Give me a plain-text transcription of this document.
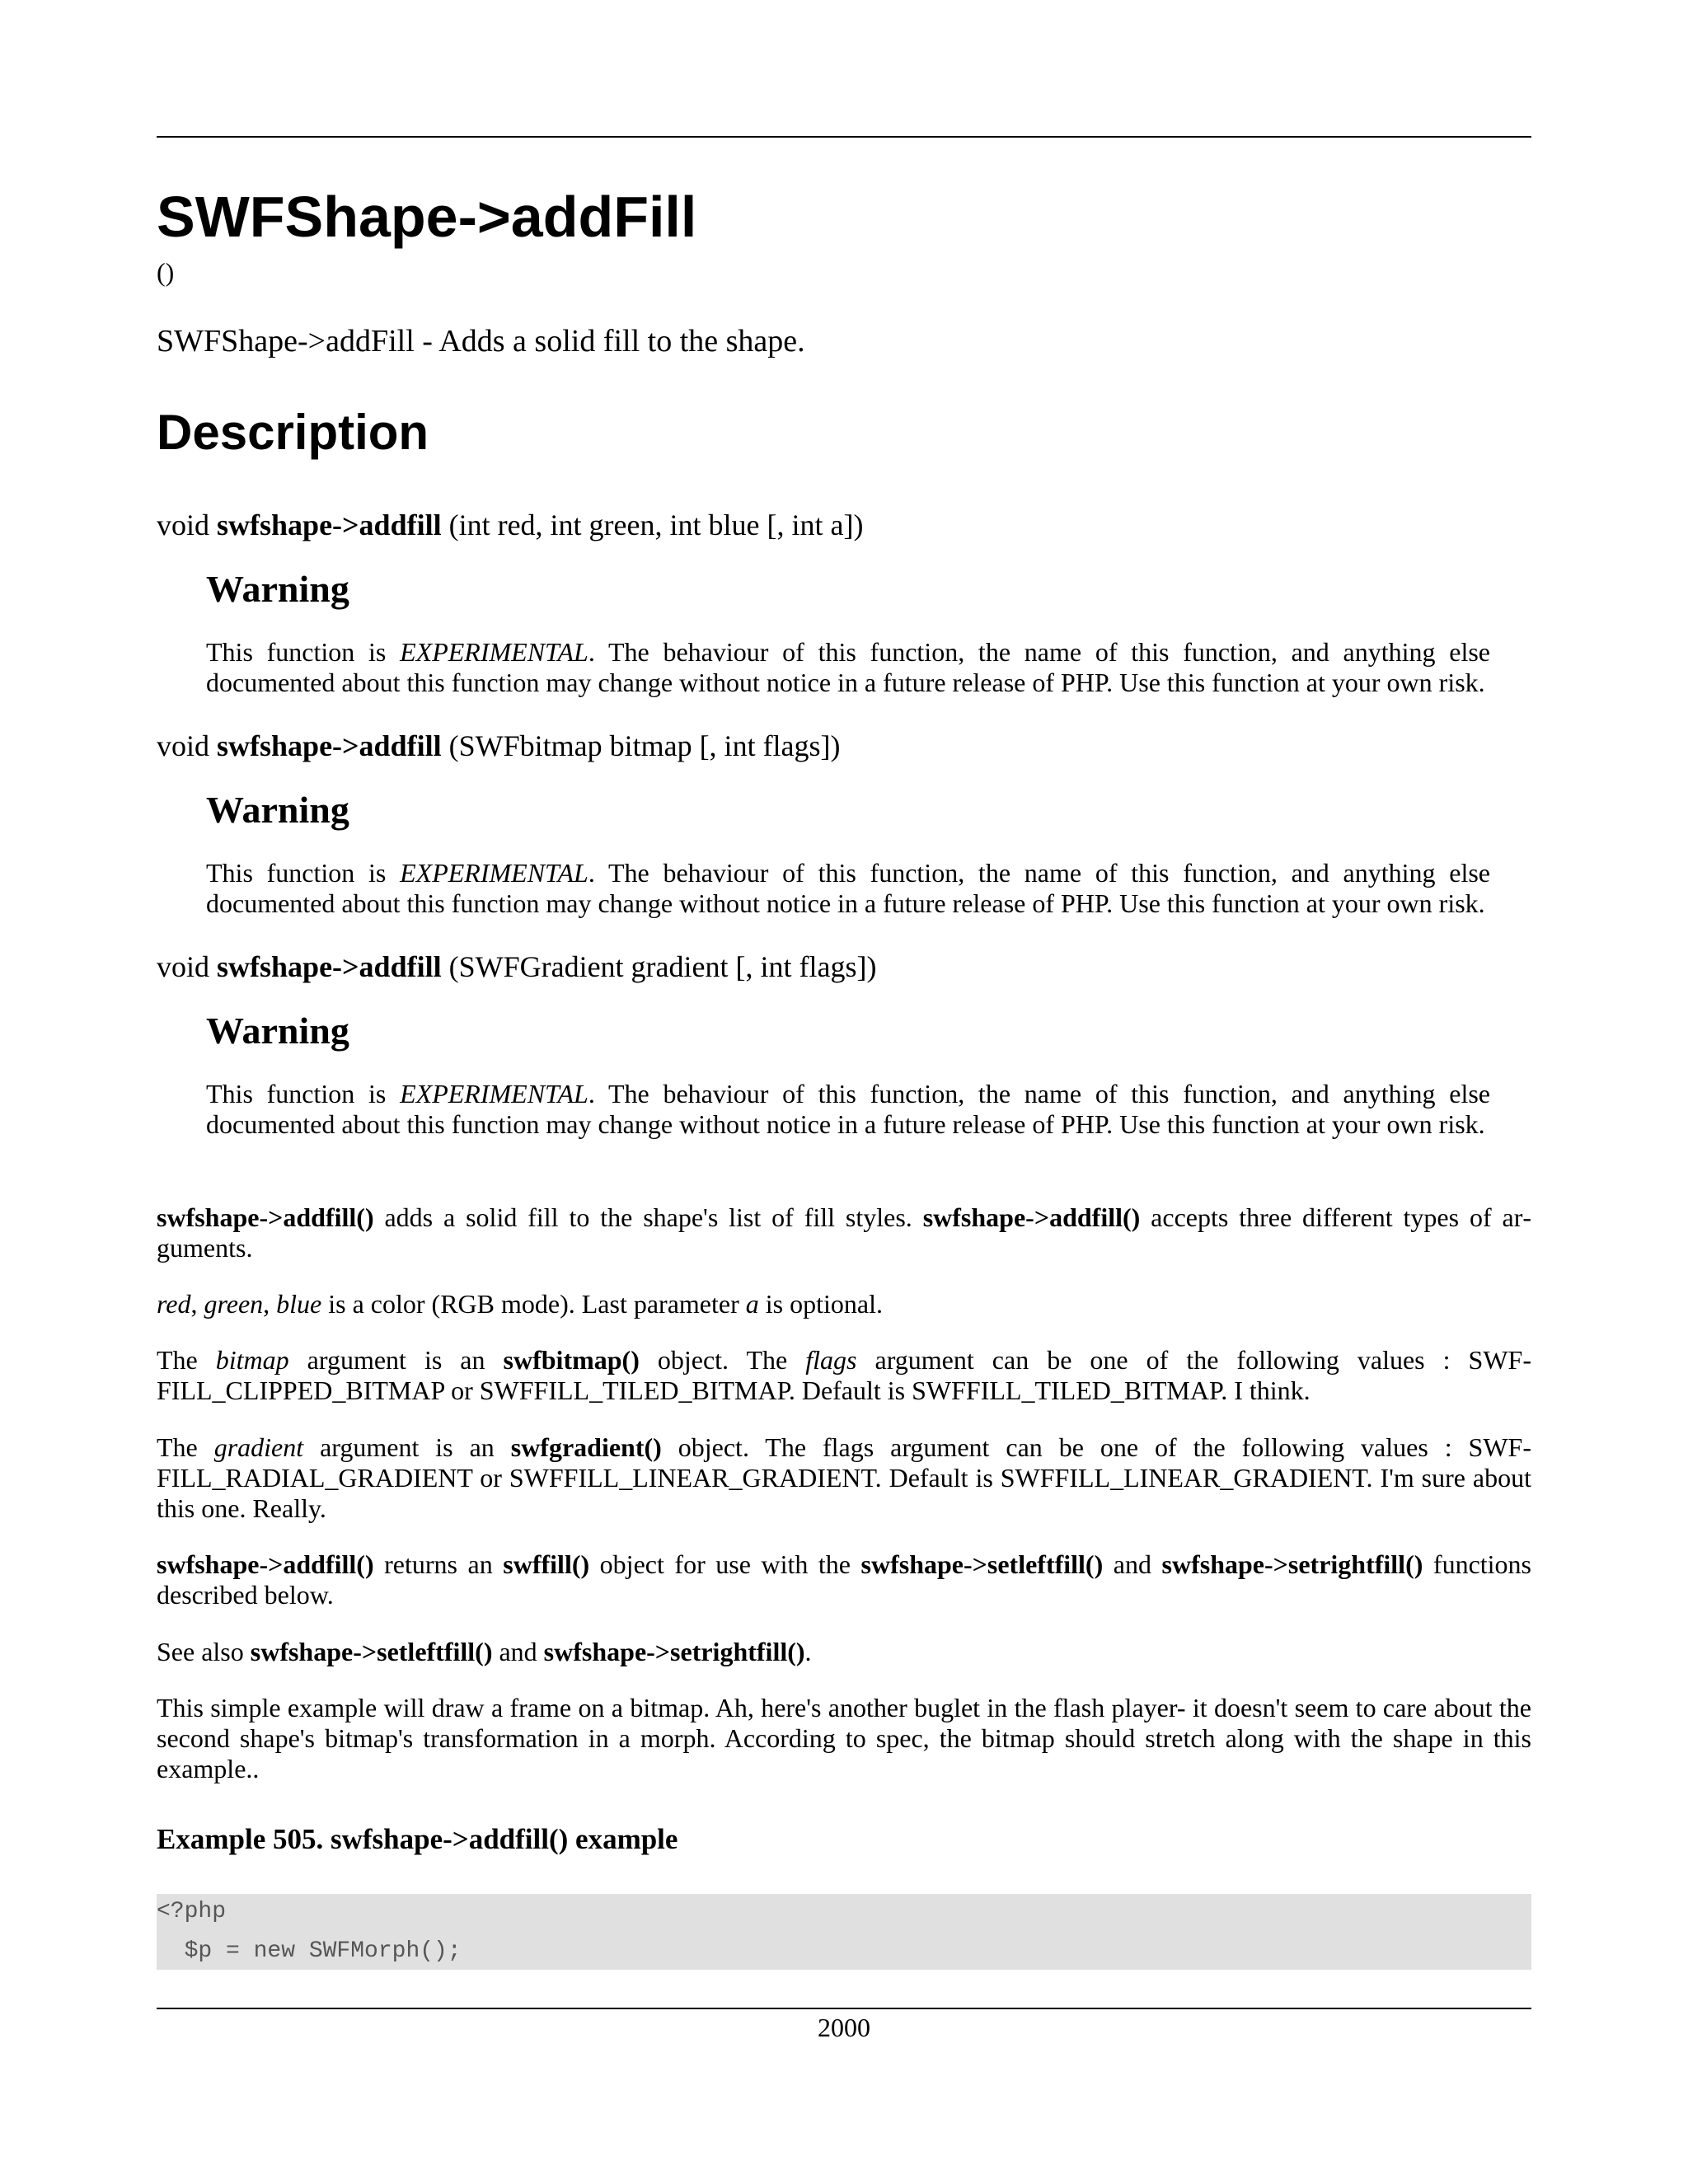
SWFShape->addFill
()
SWFShape->addFill - Adds a solid fill to the shape.
Description
void swfshape->addfill (int red, int green, int blue [, int a])
Warning

This function is EXPERIMENTAL. The behaviour of this function, the name of this function, and anything else documented about this function may change without notice in a future release of PHP. Use this function at your own risk.

void swfshape->addfill (SWFbitmap bitmap [, int flags])
Warning

This function is EXPERIMENTAL. The behaviour of this function, the name of this function, and anything else documented about this function may change without notice in a future release of PHP. Use this function at your own risk.

void swfshape->addfill (SWFGradient gradient [, int flags])
Warning

This function is EXPERIMENTAL. The behaviour of this function, the name of this function, and anything else documented about this function may change without notice in a future release of PHP. Use this function at your own risk.

swfshape->addfill() adds a solid fill to the shape's list of fill styles. swfshape->addfill() accepts three different types of arguments.

red, green, blue is a color (RGB mode). Last parameter a is optional.

The bitmap argument is an swfbitmap() object. The flags argument can be one of the following values : SWFFILL_CLIPPED_BITMAP or SWFFILL_TILED_BITMAP. Default is SWFFILL_TILED_BITMAP. I think.

The gradient argument is an swfgradient() object. The flags argument can be one of the following values : SWFFILL_RADIAL_GRADIENT or SWFFILL_LINEAR_GRADIENT. Default is SWFFILL_LINEAR_GRADIENT. I'm sure about this one. Really.

swfshape->addfill() returns an swffill() object for use with the swfshape->setleftfill() and swfshape->setrightfill() functions described below.

See also swfshape->setleftfill() and swfshape->setrightfill().

This simple example will draw a frame on a bitmap. Ah, here's another buglet in the flash player- it doesn't seem to care about the second shape's bitmap's transformation in a morph. According to spec, the bitmap should stretch along with the shape in this example..

Example 505. swfshape->addfill() example
<?php
$p = new SWFMorph();
2000
